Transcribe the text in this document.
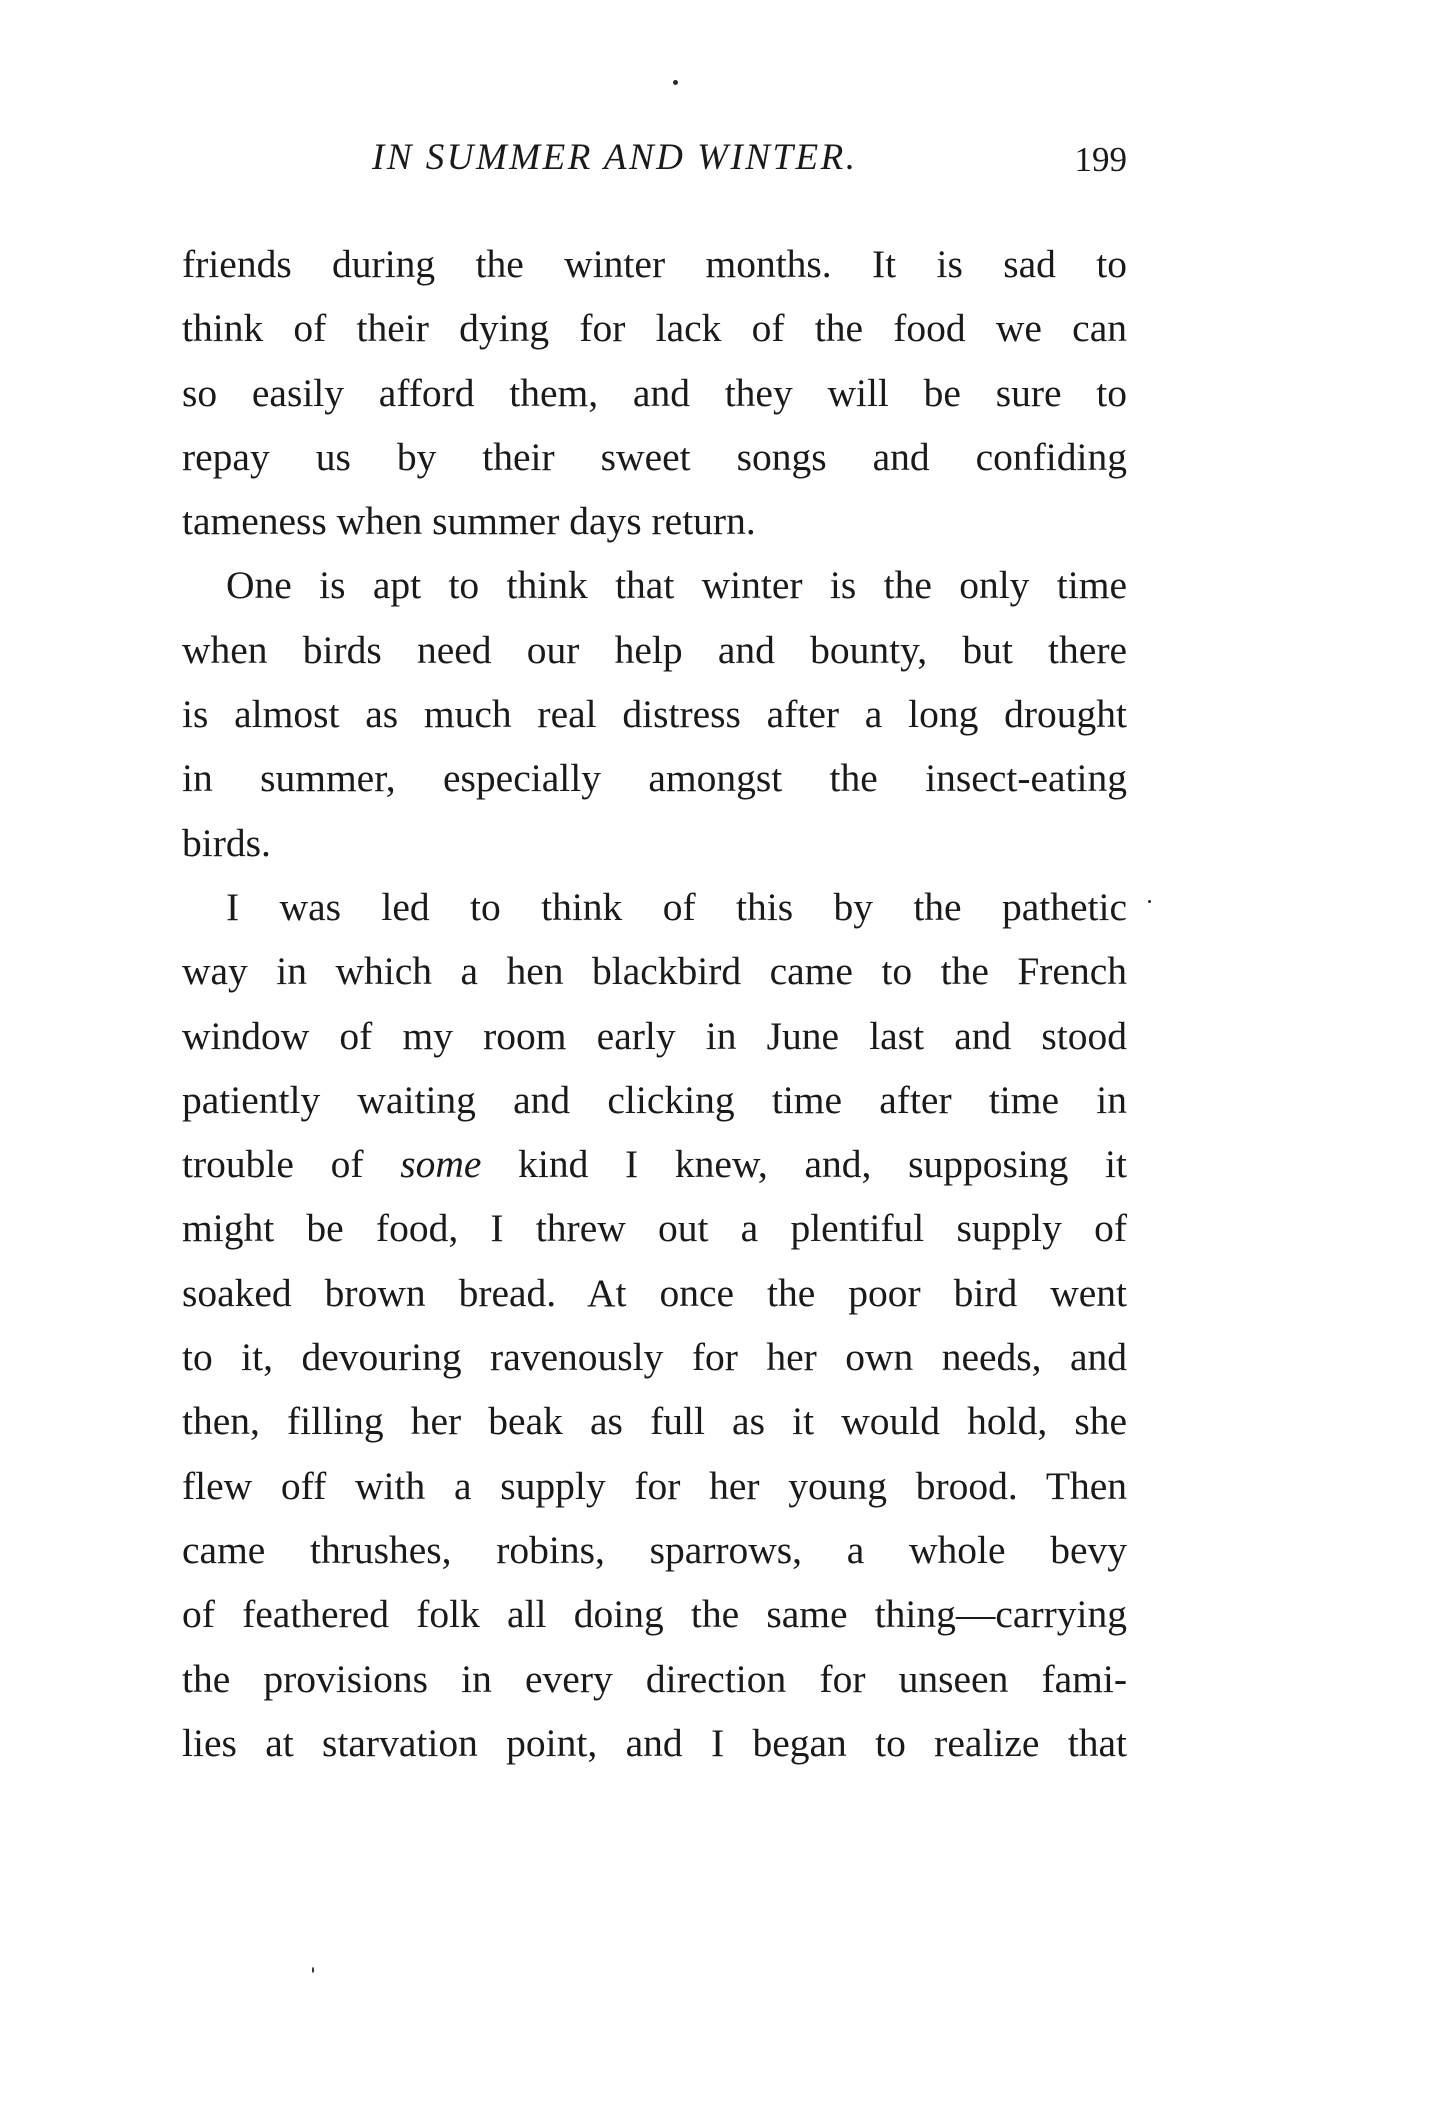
IN SUMMER AND WINTER.	199
friends during the winter months. It is sad to
think of their dying for lack of the food we can
so easily afford them, and they will be sure to
repay us by their sweet songs and confiding
tameness when summer days return.
One is apt to think that winter is the only time
when birds need our help and bounty, but there
is almost as much real distress after a long drought
in summer, especially amongst the insect-eating
birds.
I was led to think of this by the pathetic
way in which a hen blackbird came to the French
window of my room early in June last and stood
patiently waiting and clicking time after time in
trouble of some kind I knew, and, supposing it
might be food, I threw out a plentiful supply of
soaked brown bread. At once the poor bird went
to it, devouring ravenously for her own needs, and
then, filling her beak as full as it would hold, she
flew off with a supply for her young brood. Then
came thrushes, robins, sparrows, a whole bevy
of feathered folk all doing the same thing—carrying
the provisions in every direction for unseen fami-
lies at starvation point, and I began to realize that
